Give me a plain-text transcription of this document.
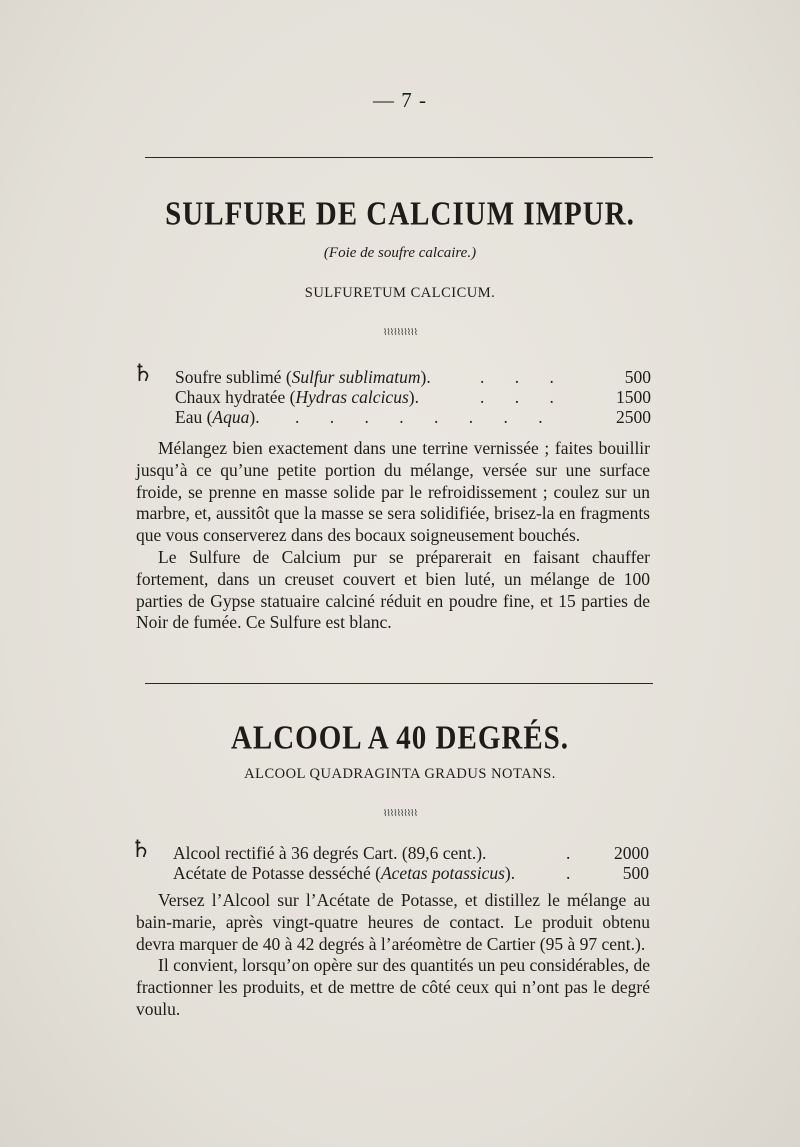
— 7 -
SULFURE DE CALCIUM IMPUR.
(Foie de soufre calcaire.)
SULFURETUM CALCICUM.
⌇⌇⌇⌇⌇⌇⌇⌇⌇⌇
♄ Soufre sublimé (Sulfur sublimatum).	. . .	500
Chaux hydratée (Hydras calcicus).	. . .	1500
Eau (Aqua). . . . . . . . .	2500

Mélangez bien exactement dans une terrine vernissée ; faites bouillir jusqu’à ce qu’une petite portion du mélange, versée sur une surface froide, se prenne en masse solide par le refroidissement ; coulez sur un marbre, et, aussitôt que la masse se sera solidifiée, brisez-la en fragments que vous conserverez dans des bocaux soigneusement bouchés.

Le Sulfure de Calcium pur se préparerait en faisant chauffer fortement, dans un creuset couvert et bien luté, un mélange de 100 parties de Gypse statuaire calciné réduit en poudre fine, et 15 parties de Noir de fumée. Ce Sulfure est blanc.

ALCOOL A 40 DEGRÉS.
ALCOOL QUADRAGINTA GRADUS NOTANS.
⌇⌇⌇⌇⌇⌇⌇⌇⌇⌇
♄ Alcool rectifié à 36 degrés Cart. (89,6 cent.).	.	2000
Acétate de Potasse desséché (Acetas potassicus).	.	500

Versez l’Alcool sur l’Acétate de Potasse, et distillez le mélange au bain-marie, après vingt-quatre heures de contact. Le produit obtenu devra marquer de 40 à 42 degrés à l’aréomètre de Cartier (95 à 97 cent.).

Il convient, lorsqu’on opère sur des quantités un peu considérables, de fractionner les produits, et de mettre de côté ceux qui n’ont pas le degré voulu.
